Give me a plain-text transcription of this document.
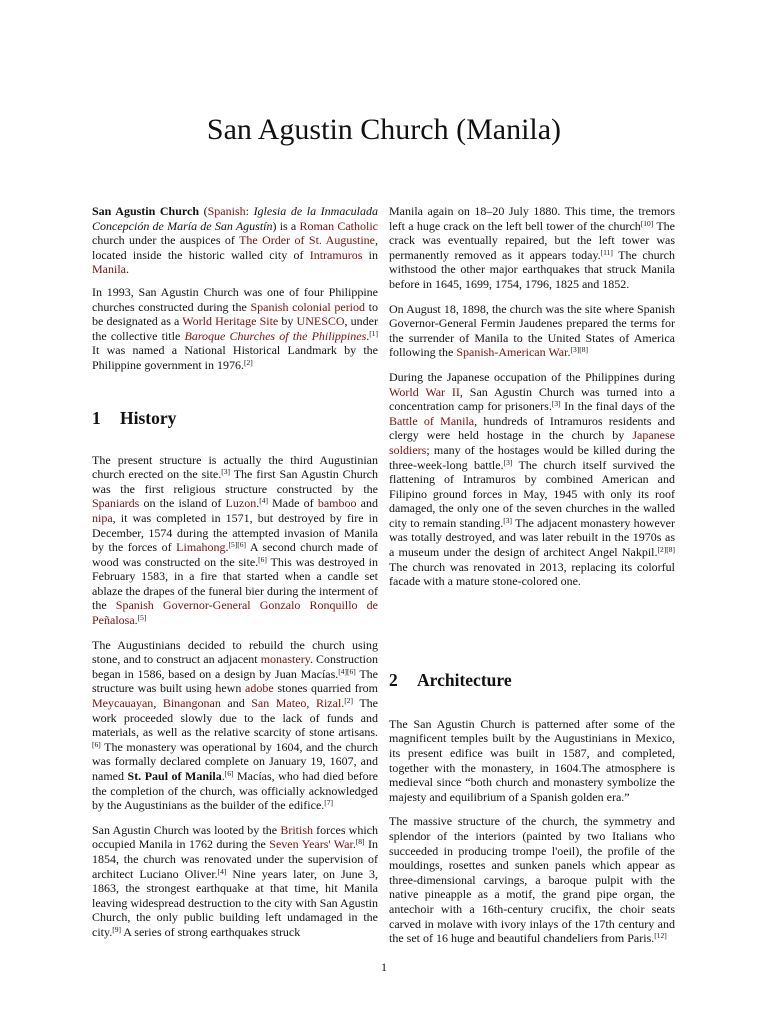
San Agustin Church (Manila)

San Agustin Church (Spanish: Iglesia de la Inmaculada Concepción de María de San Agustín) is a Roman Catholic church under the auspices of The Order of St. Augustine, located inside the historic walled city of Intramuros in Manila.

In 1993, San Agustin Church was one of four Philippine churches constructed during the Spanish colonial period to be designated as a World Heritage Site by UNESCO, under the collective title Baroque Churches of the Philippines.[1] It was named a National Historical Landmark by the Philippine government in 1976.[2]

1	History

The present structure is actually the third Augustinian church erected on the site.[3] The first San Agustin Church was the first religious structure constructed by the Spaniards on the island of Luzon.[4] Made of bamboo and nipa, it was completed in 1571, but destroyed by fire in December, 1574 during the attempted invasion of Manila by the forces of Limahong.[5][6] A second church made of wood was constructed on the site.[6] This was destroyed in February 1583, in a fire that started when a candle set ablaze the drapes of the funeral bier during the interment of the Spanish Governor-General Gonzalo Ronquillo de Peñalosa.[5]

The Augustinians decided to rebuild the church using stone, and to construct an adjacent monastery. Construction began in 1586, based on a design by Juan Macías.[4][6] The structure was built using hewn adobe stones quarried from Meycauayan, Binangonan and San Mateo, Rizal.[2] The work proceeded slowly due to the lack of funds and materials, as well as the relative scarcity of stone artisans.[6] The monastery was operational by 1604, and the church was formally declared complete on January 19, 1607, and named St. Paul of Manila.[6] Macías, who had died before the completion of the church, was officially acknowledged by the Augustinians as the builder of the edifice.[7]

San Agustin Church was looted by the British forces which occupied Manila in 1762 during the Seven Years' War.[8] In 1854, the church was renovated under the supervision of architect Luciano Oliver.[4] Nine years later, on June 3, 1863, the strongest earthquake at that time, hit Manila leaving widespread destruction to the city with San Agustin Church, the only public building left undamaged in the city.[9] A series of strong earthquakes struck

Manila again on 18–20 July 1880. This time, the tremors left a huge crack on the left bell tower of the church[10] The crack was eventually repaired, but the left tower was permanently removed as it appears today.[11] The church withstood the other major earthquakes that struck Manila before in 1645, 1699, 1754, 1796, 1825 and 1852.

On August 18, 1898, the church was the site where Spanish Governor-General Fermin Jaudenes prepared the terms for the surrender of Manila to the United States of America following the Spanish-American War.[3][8]

During the Japanese occupation of the Philippines during World War II, San Agustin Church was turned into a concentration camp for prisoners.[3] In the final days of the Battle of Manila, hundreds of Intramuros residents and clergy were held hostage in the church by Japanese soldiers; many of the hostages would be killed during the three-week-long battle.[3] The church itself survived the flattening of Intramuros by combined American and Filipino ground forces in May, 1945 with only its roof damaged, the only one of the seven churches in the walled city to remain standing.[3] The adjacent monastery however was totally destroyed, and was later rebuilt in the 1970s as a museum under the design of architect Angel Nakpil.[2][8] The church was renovated in 2013, replacing its colorful facade with a mature stone-colored one.

2	Architecture

The San Agustin Church is patterned after some of the magnificent temples built by the Augustinians in Mexico, its present edifice was built in 1587, and completed, together with the monastery, in 1604.The atmosphere is medieval since “both church and monastery symbolize the majesty and equilibrium of a Spanish golden era.”

The massive structure of the church, the symmetry and splendor of the interiors (painted by two Italians who succeeded in producing trompe l'oeil), the profile of the mouldings, rosettes and sunken panels which appear as three-dimensional carvings, a baroque pulpit with the native pineapple as a motif, the grand pipe organ, the antechoir with a 16th-century crucifix, the choir seats carved in molave with ivory inlays of the 17th century and the set of 16 huge and beautiful chandeliers from Paris.[12]

1
